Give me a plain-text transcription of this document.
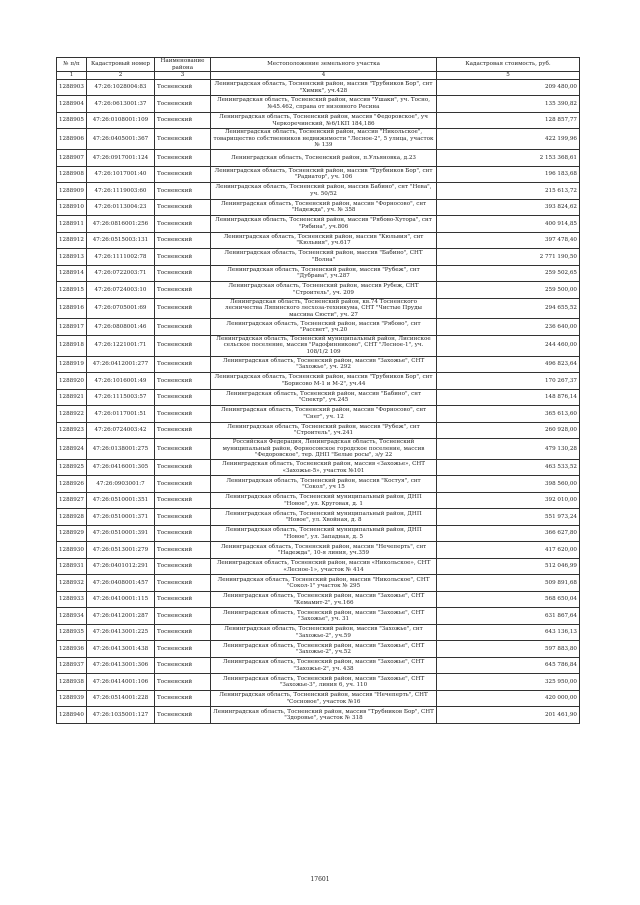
№ п/п	Кадастровый номер	Наименование района	Местоположение земельного участка	Кадастровая стоимость, руб.
1	2	3	4	5
1288903	47:26:1028004:83	Тосненский	Ленинградская область, Тосненский район, массив "Трубников Бор", снт "Химик", уч.428	209 480,00
1288904	47:26:0613001:37	Тосненский	Ленинградская область, Тосненский район, массив "Ушаки", уч. Тосно, №45.462, справа от низовного Ресина	135 390,82
1288905	47:26:0108001:109	Тосненский	Ленинградская область, Тосненский район, массив "Федоровское", уч Черкоречинский, №6/1КП 184,186	128 857,77
1288906	47:26:0405001:367	Тосненский	Ленинградская область, Тосненский район, массив "Никольское", товарищество собственников недвижимости "Лесное-2", 5 улица, участок № 139	422 199,96
1288907	47:26:0917001:124	Тосненский	Ленинградская область, Тосненский район, п.Ульяновка, д.23	2 153 368,61
1288908	47:26:1017001:40	Тосненский	Ленинградская область, Тосненский район, массив "Трубников Бор", снт "Радиатор", уч. 106	196 183,68
1288909	47:26:1119003:60	Тосненский	Ленинградская область, Тосненский район, массив Бабино", снт "Нева", уч. 50/52	215 613,72
1288910	47:26:0113004:23	Тосненский	Ленинградская область, Тосненский район, массив "Форносово", снт "Надежда", уч. № 358	393 824,62
1288911	47:26:0816001:256	Тосненский	Ленинградская область, Тосненский район, массив "Рябово-Хутора", снт "Рябина", уч.806	400 914,85
1288912	47:26:0515003:131	Тосненский	Ленинградская область, Тосненский район, массив "Кюльвия", снт "Кюльвия", уч.617	397 478,40
1288913	47:26:1111002:78	Тосненский	Ленинградская область, Тосненский район, массив "Бабино", СНТ "Волна"	2 771 190,50
1288914	47:26:0722003:71	Тосненский	Ленинградская область, Тосненский район, массив "Рубеж", снт "Дубрава", уч.287	259 502,65
1288915	47:26:0724003:10	Тосненский	Ленинградская область, Тосненский район, массив Рубеж, СНТ "Строитель", уч. 209	259 500,00
1288916	47:26:0705001:69	Тосненский	Ленинградская область, Тосненский район, кв.74 Тосненского лесничества Ляпинского лесхоза-техникума, СНТ "Чистые Пруды массива Сюсти", уч. 27	294 655,52
1288917	47:26:0808001:46	Тосненский	Ленинградская область, Тосненский район, массив "Рябово", снт "Рассвет", уч.20	236 640,00
1288918	47:26:1221001:71	Тосненский	Ленинградская область, Тосненский муниципальный район, Лисинское сельское поселение, массив "Радофинниково", СНТ "Лесное-1", уч. 108/1/2 109	244 460,00
1288919	47:26:0412001:277	Тосненский	Ленинградская область, Тосненский район, массив "Захожье", СНТ "Захожье", уч. 292	496 823,64
1288920	47:26:1016001:49	Тосненский	Ленинградская область, Тосненский район, массив "Трубников Бор", снт "Борисово М-1 и М-2", уч.44	170 267,37
1288921	47:26:1115003:57	Тосненский	Ленинградская область, Тосненский район, массив "Бабино", снт "Спектр", уч.245	148 876,14
1288922	47:26:0117001:51	Тосненский	Ленинградская область, Тосненский район, массив "Форносово", снт "Снег", уч. 12	365 613,60
1288923	47:26:0724003:42	Тосненский	Ленинградская область, Тосненский район, массив "Рубеж", снт "Строитель", уч.241	260 928,00
1288924	47:26:0138001:275	Тосненский	Российская Федерация, Ленинградская область, Тосненский муниципальный район, Форносовское городское поселение, массив "Федоровское", тер. ДНП "Белые росы", з/у 22	479 130,28
1288925	47:26:0416001:305	Тосненский	Ленинградская область, Тосненский район, массив «Захожье», СНТ «Захожье-5», участок №101	463 533,52
1288926	47:26:0903001:7	Тосненский	Ленинградская область, Тосненский район, массив "Костуя", снт "Сокол", уч 15	398 560,00
1288927	47:26:0510001:351	Тосненский	Ленинградская область, Тосненский муниципальный район, ДНП "Новое", ул. Круговая, д. 1	392 010,00
1288928	47:26:0510001:371	Тосненский	Ленинградская область, Тосненский муниципальный район, ДНП "Новое", ул. Хвойная, д. 8	551 973,24
1288929	47:26:0510001:391	Тосненский	Ленинградская область, Тосненский муниципальный район, ДНП "Новое", ул. Западная, д. 5	366 627,80
1288930	47:26:0513001:279	Тосненский	Ленинградская область, Тосненский район, массив "Нечеперть", снт "Надежда", 10-я линия, уч.359	417 620,00
1288931	47:26:0401012:291	Тосненский	Ленинградская область, Тосненский район, массив «Никольское», СНТ «Лесное-1», участок № 414	512 046,99
1288932	47:26:0408001:457	Тосненский	Ленинградская область, Тосненский район, массив "Никольское", СНТ "Сокол-1" участок № 295	509 891,68
1288933	47:26:0410001:115	Тосненский	Ленинградская область, Тосненский район, массив "Захожье", СНТ "Кемамит-2", уч.166	568 650,04
1288934	47:26:0412001:287	Тосненский	Ленинградская область, Тосненский район, массив "Захожье", СНТ "Захожье", уч. 31	631 867,64
1288935	47:26:0413001:225	Тосненский	Ленинградская область, Тосненский район, массив "Захожье", снт "Захожье-2", уч.59	643 136,13
1288936	47:26:0413001:438	Тосненский	Ленинградская область, Тосненский район, массив "Захожье", СНТ "Захожье-2", уч.52	597 883,80
1288937	47:26:0413001:306	Тосненский	Ленинградская область, Тосненский район, массив "Захожье", СНТ "Захожье-2", уч. 438	645 786,84
1288938	47:26:0414001:106	Тосненский	Ленинградская область, Тосненский район, массив "Захожье", СНТ "Захожье-3", линия 6, уч. 110	325 950,00
1288939	47:26:0514001:228	Тосненский	Ленинградская область, Тосненский район, массив "Нечеперть", СНТ "Сосновое", участок №16	420 000,00
1288940	47:26:1035001:127	Тосненский	Ленинградская область, Тосненский район, массив "Трубников Бор", СНТ "Здоровье", участок № 318	201 461,90
17601
